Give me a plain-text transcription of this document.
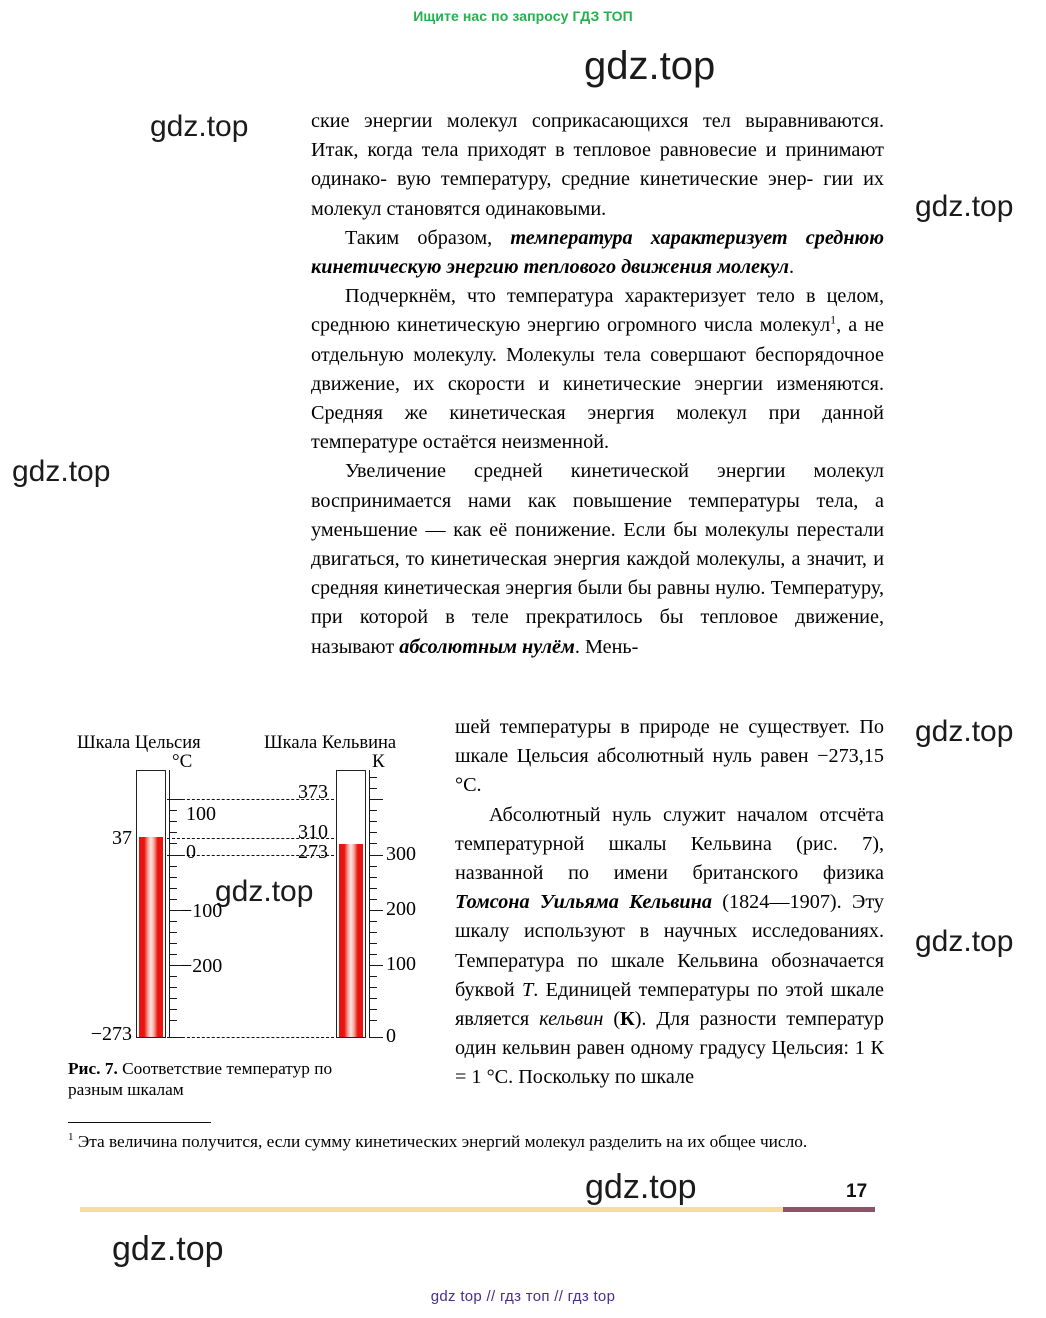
Ищите нас по запросу ГДЗ ТОП
gdz.top
gdz.top
gdz.top
gdz.top
gdz.top
gdz.top
gdz.top
gdz.top
gdz.top

ские энергии молекул соприкасающихся тел выравниваются. Итак, когда тела приходят в тепловое равновесие и принимают одинако- вую температуру, средние кинетические энер- гии их молекул становятся одинаковыми.

Таким образом, температура характеризует среднюю кинетическую энергию теплового движения молекул.

Подчеркнём, что температура характеризует тело в целом, среднюю кинетическую энергию огромного числа молекул$^1$, а не отдельную молекулу. Молекулы тела совершают беспорядочное движение, их скорости и кинетические энергии изменяются. Средняя же кинетическая энергия молекул при данной температуре остаётся неизменной.

Увеличение средней кинетической энергии молекул воспринимается нами как повышение температуры тела, а уменьшение — как её понижение. Если бы молекулы перестали двигаться, то кинетическая энергия каждой молекулы, а значит, и средняя кинетическая энергия были бы равны нулю. Температуру, при которой в теле прекратилось бы тепловое движение, называют абсолютным нулём. Мень-

шей температуры в природе не существует. По шкале Цельсия абсолютный нуль равен −273,15 °C.

Абсолютный нуль служит началом отсчёта температурной шкалы Кельвина (рис. 7), названной по имени британского физика Томсона Уильяма Кельвина (1824—1907). Эту шкалу используют в научных исследованиях. Температура по шкале Кельвина обозначается буквой T. Единицей температуры по этой шкале является кельвин (К). Для разности температур один кельвин равен одному градусу Цельсия: 1 К = 1 °C. Поскольку по шкале

Шкала Цельсия	Шкала Кельвина
°C
100
0
−100
−200
37
−273
К
373
310
273	300
200
100
0
Рис. 7. Соответствие температур по разным шкалам
$^1$ Эта величина получится, если сумму кинетических энергий молекул разделить на их общее число.
17
gdz top // гдз топ // гдз top
